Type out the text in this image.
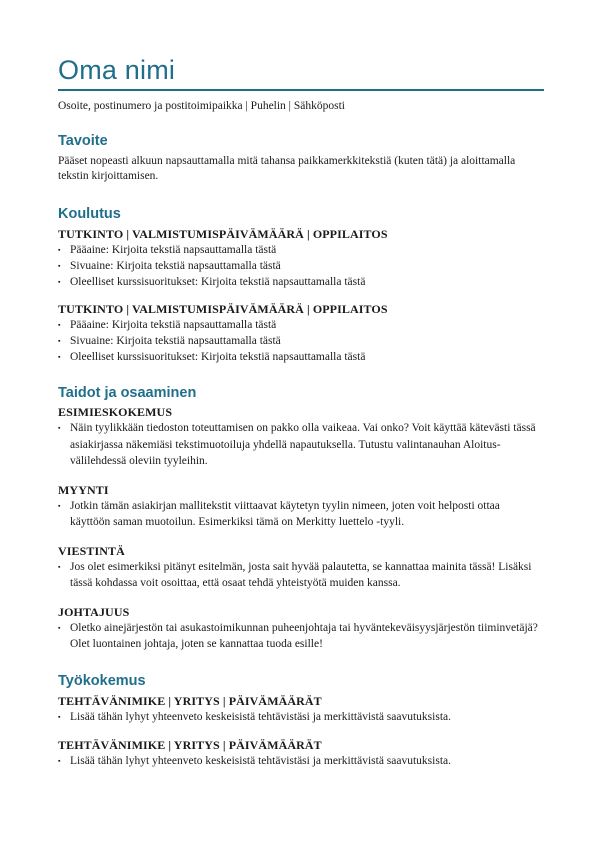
Oma nimi
Osoite, postinumero ja postitoimipaikka | Puhelin | Sähköposti
Tavoite

Pääset nopeasti alkuun napsauttamalla mitä tahansa paikkamerkkitekstiä (kuten tätä) ja aloittamalla tekstin kirjoittamisen.

Koulutus
TUTKINTO | VALMISTUMISPÄIVÄMÄÄRÄ | OPPILAITOS
▪ Pääaine: Kirjoita tekstiä napsauttamalla tästä
▪ Sivuaine: Kirjoita tekstiä napsauttamalla tästä
▪ Oleelliset kurssisuoritukset: Kirjoita tekstiä napsauttamalla tästä
TUTKINTO | VALMISTUMISPÄIVÄMÄÄRÄ | OPPILAITOS
▪ Pääaine: Kirjoita tekstiä napsauttamalla tästä
▪ Sivuaine: Kirjoita tekstiä napsauttamalla tästä
▪ Oleelliset kurssisuoritukset: Kirjoita tekstiä napsauttamalla tästä
Taidot ja osaaminen
ESIMIESKOKEMUS
▪ Näin tyylikkään tiedoston toteuttamisen on pakko olla vaikeaa. Vai onko? Voit käyttää kätevästi tässä asiakirjassa näkemiäsi tekstimuotoiluja yhdellä napautuksella. Tutustu valintanauhan Aloitus-välilehdessä oleviin tyyleihin.
MYYNTI
▪ Jotkin tämän asiakirjan mallitekstit viittaavat käytetyn tyylin nimeen, joten voit helposti ottaa käyttöön saman muotoilun. Esimerkiksi tämä on Merkitty luettelo -tyyli.
VIESTINTÄ
▪ Jos olet esimerkiksi pitänyt esitelmän, josta sait hyvää palautetta, se kannattaa mainita tässä! Lisäksi tässä kohdassa voit osoittaa, että osaat tehdä yhteistyötä muiden kanssa.
JOHTAJUUS
▪ Oletko ainejärjestön tai asukastoimikunnan puheenjohtaja tai hyväntekeväisyysjärjestön tiiminvetäjä? Olet luontainen johtaja, joten se kannattaa tuoda esille!
Työkokemus
TEHTÄVÄNIMIKE | YRITYS | PÄIVÄMÄÄRÄT
▪ Lisää tähän lyhyt yhteenveto keskeisistä tehtävistäsi ja merkittävistä saavutuksista.
TEHTÄVÄNIMIKE | YRITYS | PÄIVÄMÄÄRÄT
▪ Lisää tähän lyhyt yhteenveto keskeisistä tehtävistäsi ja merkittävistä saavutuksista.
